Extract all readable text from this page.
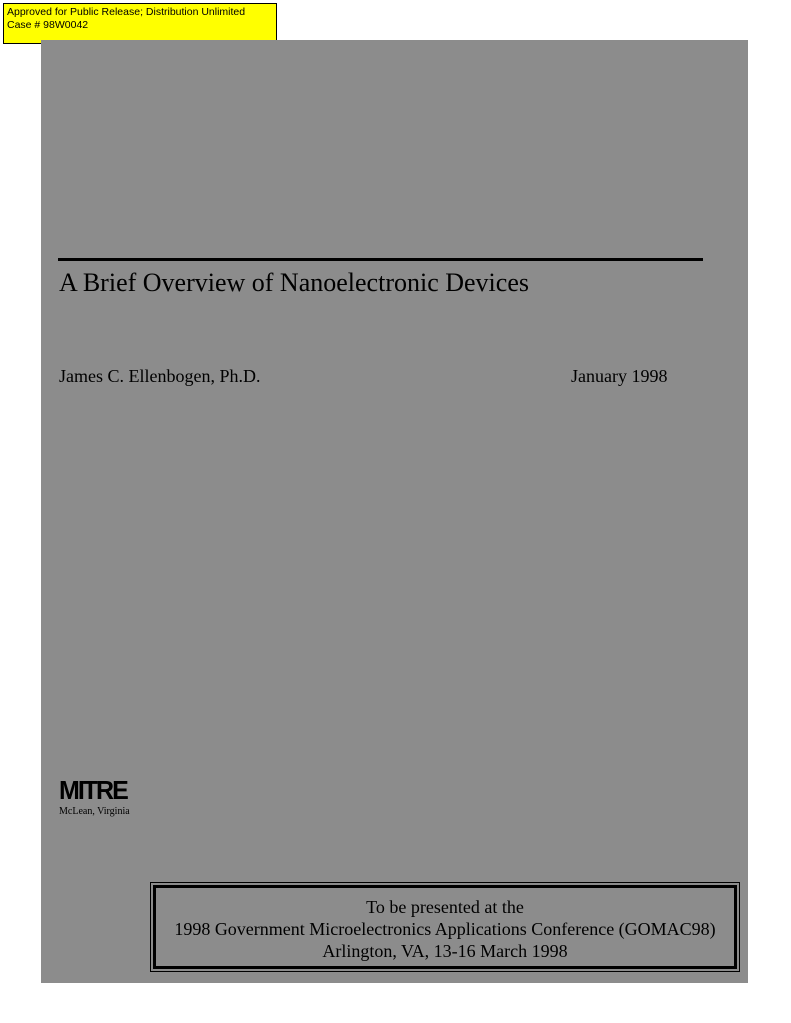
Approved for Public Release; Distribution Unlimited
Case # 98W0042
A Brief Overview of Nanoelectronic Devices
James C. Ellenbogen, Ph.D.	January 1998
MITRE
McLean, Virginia
To be presented at the
1998 Government Microelectronics Applications Conference (GOMAC98)
Arlington, VA, 13-16 March 1998
